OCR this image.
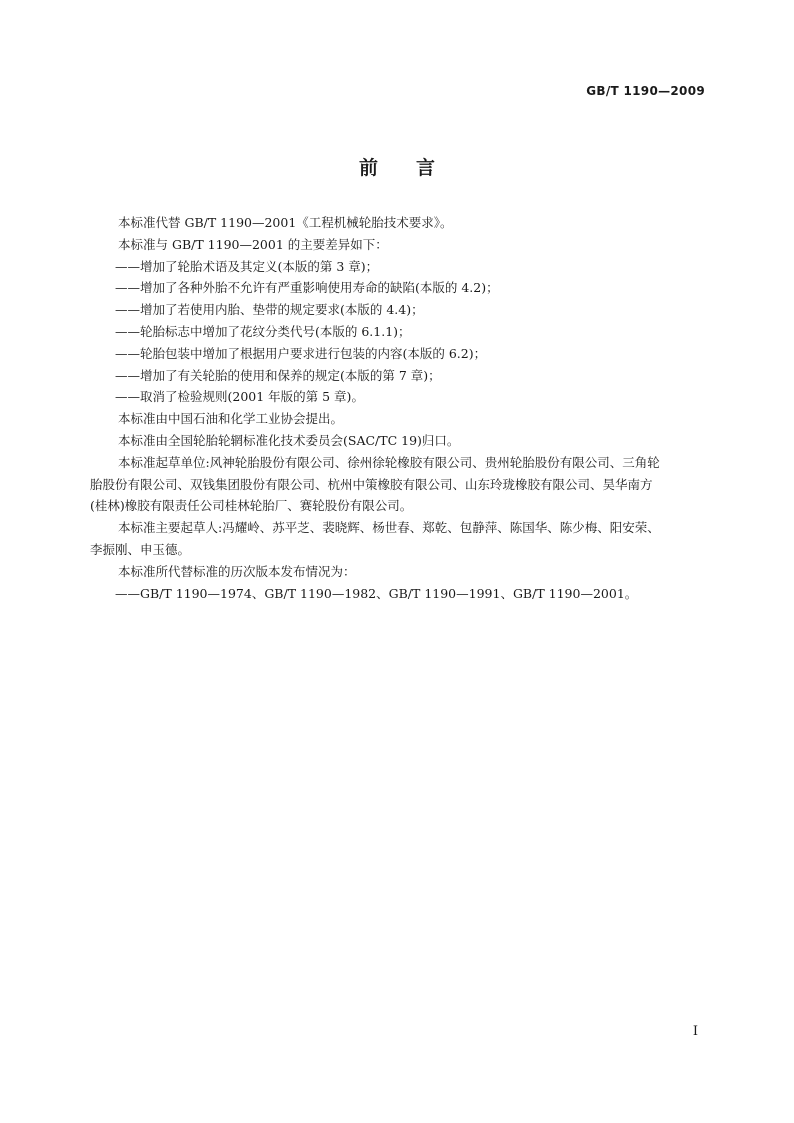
GB/T 1190—2009
前言
本标准代替 GB/T 1190—2001《工程机械轮胎技术要求》。
本标准与 GB/T 1190—2001 的主要差异如下：
——增加了轮胎术语及其定义(本版的第 3 章)；
——增加了各种外胎不允许有严重影响使用寿命的缺陷(本版的 4.2)；
——增加了若使用内胎、垫带的规定要求(本版的 4.4)；
——轮胎标志中增加了花纹分类代号(本版的 6.1.1)；
——轮胎包装中增加了根据用户要求进行包装的内容(本版的 6.2)；
——增加了有关轮胎的使用和保养的规定(本版的第 7 章)；
——取消了检验规则(2001 年版的第 5 章)。
本标准由中国石油和化学工业协会提出。
本标准由全国轮胎轮辋标准化技术委员会(SAC/TC 19)归口。
本标准起草单位:风神轮胎股份有限公司、徐州徐轮橡胶有限公司、贵州轮胎股份有限公司、三角轮
胎股份有限公司、双钱集团股份有限公司、杭州中策橡胶有限公司、山东玲珑橡胶有限公司、昊华南方
(桂林)橡胶有限责任公司桂林轮胎厂、赛轮股份有限公司。
本标准主要起草人:冯耀岭、苏平芝、裴晓辉、杨世春、郑乾、包静萍、陈国华、陈少梅、阳安荣、
李振刚、申玉德。
本标准所代替标准的历次版本发布情况为：
——GB/T 1190—1974、GB/T 1190—1982、GB/T 1190—1991、GB/T 1190—2001。
I
